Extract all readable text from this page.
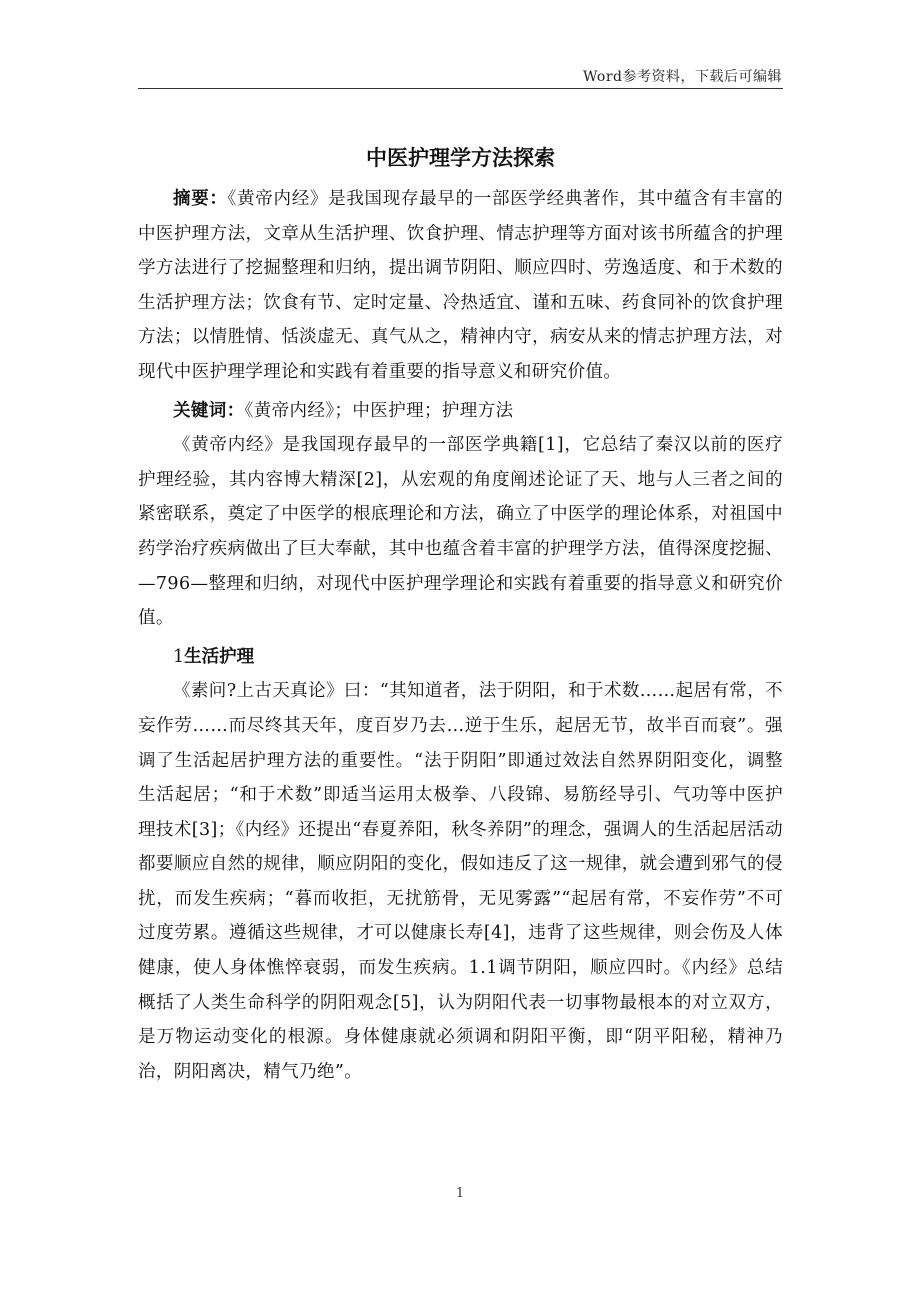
Word参考资料，下载后可编辑
中医护理学方法探索

摘要：《黄帝内经》是我国现存最早的一部医学经典著作，其中蕴含有丰富的中医护理方法，文章从生活护理、饮食护理、情志护理等方面对该书所蕴含的护理学方法进行了挖掘整理和归纳，提出调节阴阳、顺应四时、劳逸适度、和于术数的生活护理方法；饮食有节、定时定量、冷热适宜、谨和五味、药食同补的饮食护理方法；以情胜情、恬淡虚无、真气从之，精神内守，病安从来的情志护理方法，对现代中医护理学理论和实践有着重要的指导意义和研究价值。

关键词：《黄帝内经》；中医护理；护理方法

《黄帝内经》是我国现存最早的一部医学典籍[1]，它总结了秦汉以前的医疗护理经验，其内容博大精深[2]，从宏观的角度阐述论证了天、地与人三者之间的紧密联系，奠定了中医学的根底理论和方法，确立了中医学的理论体系，对祖国中药学治疗疾病做出了巨大奉献，其中也蕴含着丰富的护理学方法，值得深度挖掘、—796—整理和归纳，对现代中医护理学理论和实践有着重要的指导意义和研究价值。

1生活护理

《素问?上古天真论》曰：“其知道者，法于阴阳，和于术数……起居有常，不妄作劳……而尽终其天年，度百岁乃去…逆于生乐，起居无节，故半百而衰”。强调了生活起居护理方法的重要性。“法于阴阳”即通过效法自然界阴阳变化，调整生活起居；“和于术数”即适当运用太极拳、八段锦、易筋经导引、气功等中医护理技术[3]；《内经》还提出“春夏养阳，秋冬养阴”的理念，强调人的生活起居活动都要顺应自然的规律，顺应阴阳的变化，假如违反了这一规律，就会遭到邪气的侵扰，而发生疾病；“暮而收拒，无扰筋骨，无见雾露”“起居有常，不妄作劳”不可过度劳累。遵循这些规律，才可以健康长寿[4]，违背了这些规律，则会伤及人体健康，使人身体憔悴衰弱，而发生疾病。1.1调节阴阳，顺应四时。《内经》总结概括了人类生命科学的阴阳观念[5]，认为阴阳代表一切事物最根本的对立双方，是万物运动变化的根源。身体健康就必须调和阴阳平衡，即“阴平阳秘，精神乃治，阴阳离决，精气乃绝”。

1
